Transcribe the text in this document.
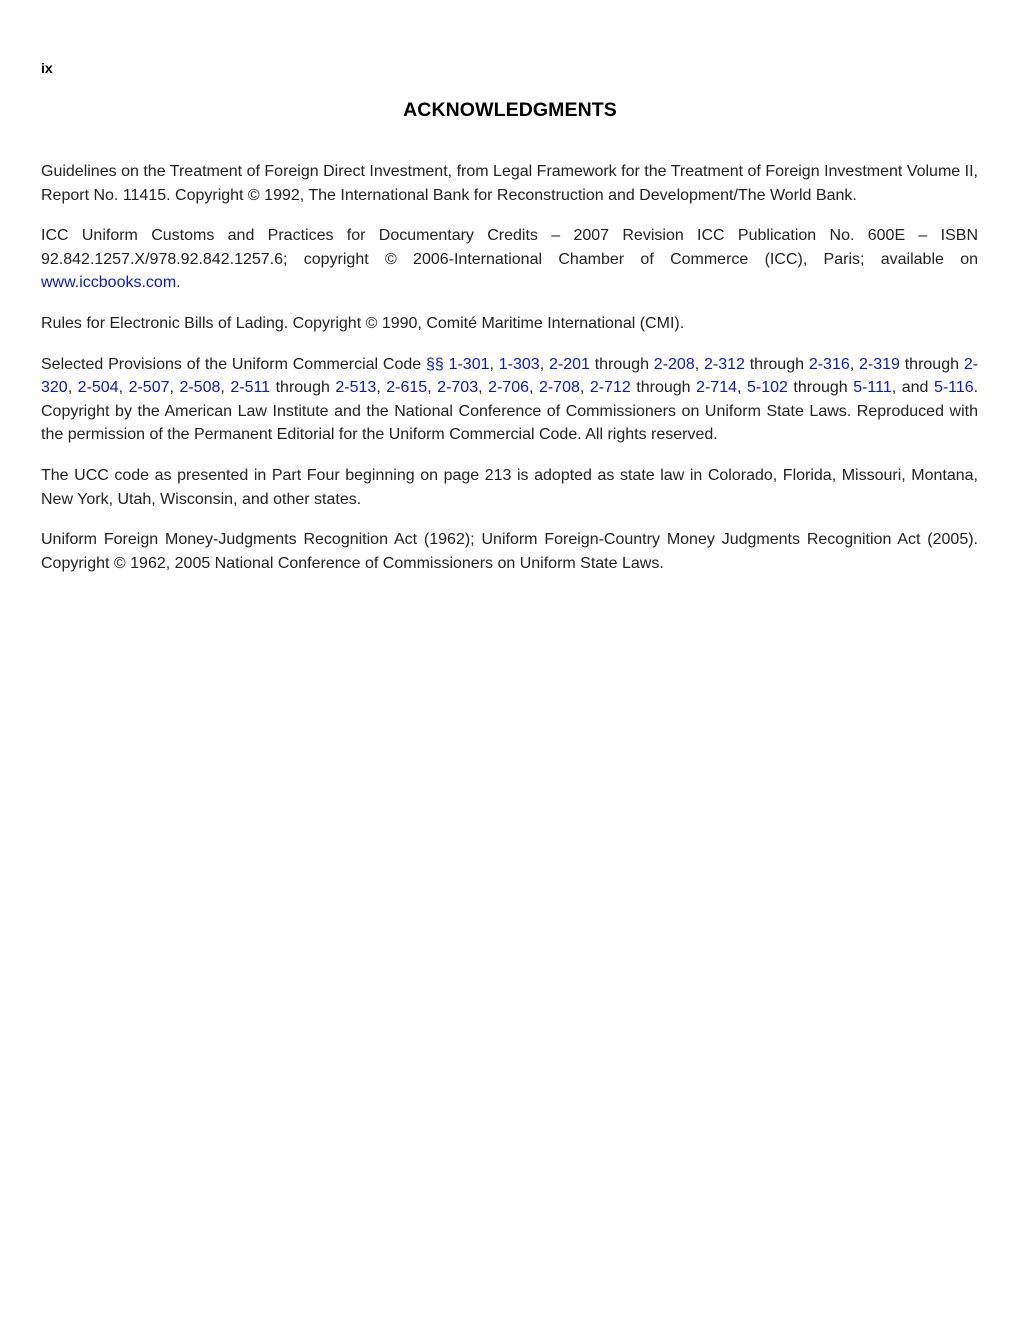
ix
ACKNOWLEDGMENTS

Guidelines on the Treatment of Foreign Direct Investment, from Legal Framework for the Treatment of Foreign Investment Volume II, Report No. 11415. Copyright © 1992, The International Bank for Reconstruction and Development/The World Bank.

ICC Uniform Customs and Practices for Documentary Credits – 2007 Revision ICC Publication No. 600E – ISBN 92.842.1257.X/978.92.842.1257.6; copyright © 2006-International Chamber of Commerce (ICC), Paris; available on www.iccbooks.com.

Rules for Electronic Bills of Lading. Copyright © 1990, Comité Maritime International (CMI).

Selected Provisions of the Uniform Commercial Code §§ 1-301, 1-303, 2-201 through 2-208, 2-312 through 2-316, 2-319 through 2-320, 2-504, 2-507, 2-508, 2-511 through 2-513, 2-615, 2-703, 2-706, 2-708, 2-712 through 2-714, 5-102 through 5-111, and 5-116. Copyright by the American Law Institute and the National Conference of Commissioners on Uniform State Laws. Reproduced with the permission of the Permanent Editorial for the Uniform Commercial Code. All rights reserved.

The UCC code as presented in Part Four beginning on page 213 is adopted as state law in Colorado, Florida, Missouri, Montana, New York, Utah, Wisconsin, and other states.

Uniform Foreign Money-Judgments Recognition Act (1962); Uniform Foreign-Country Money Judgments Recognition Act (2005). Copyright © 1962, 2005 National Conference of Commissioners on Uniform State Laws.
